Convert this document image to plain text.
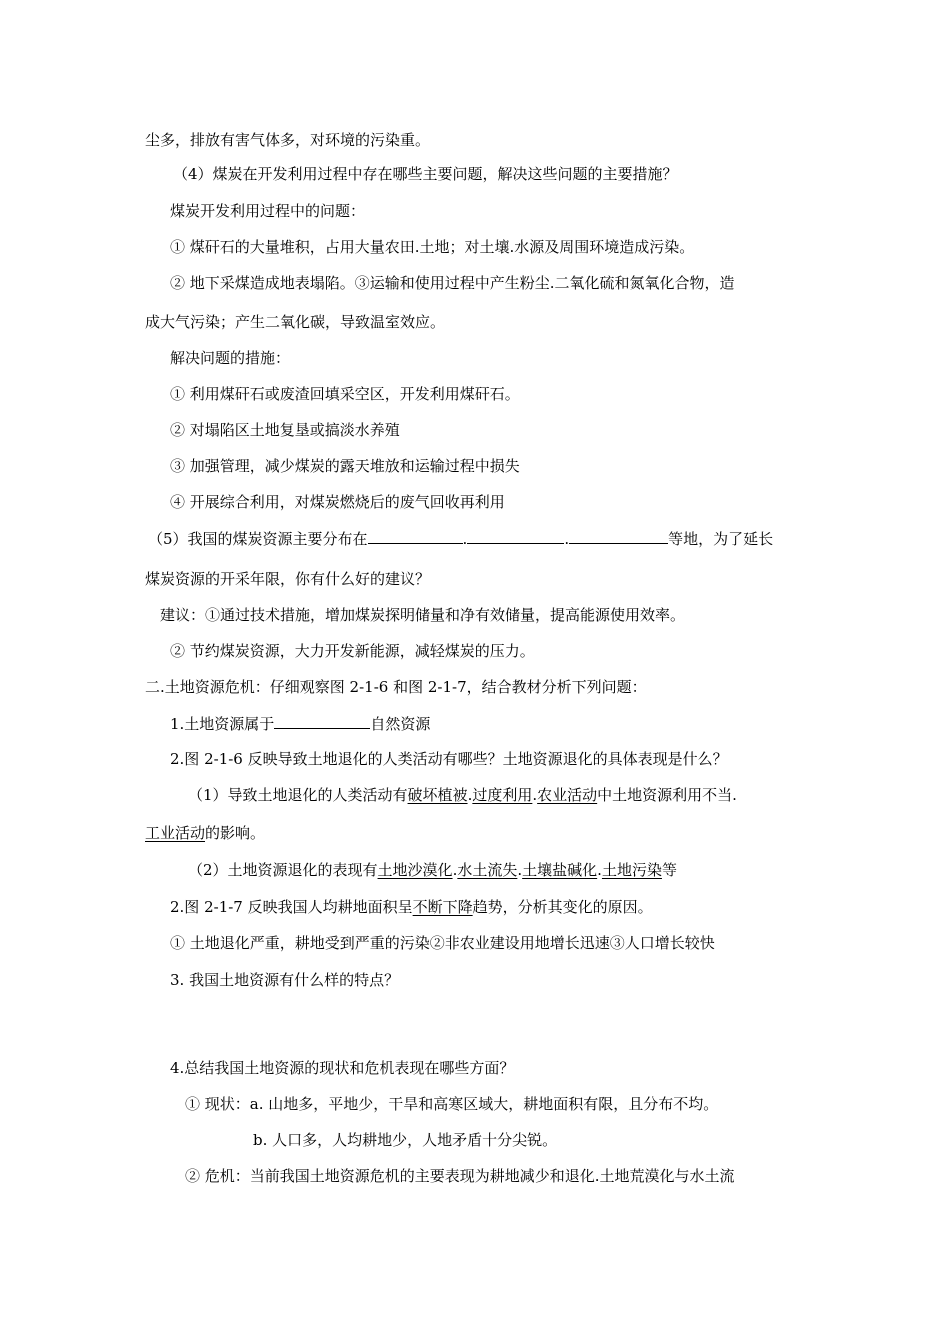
尘多，排放有害气体多，对环境的污染重。
（4）煤炭在开发利用过程中存在哪些主要问题，解决这些问题的主要措施？
煤炭开发利用过程中的问题：
① 煤矸石的大量堆积，占用大量农田.土地；对土壤.水源及周围环境造成污染。
② 地下采煤造成地表塌陷。③运输和使用过程中产生粉尘.二氧化硫和氮氧化合物，造
成大气污染；产生二氧化碳，导致温室效应。
解决问题的措施：
① 利用煤矸石或废渣回填采空区，开发利用煤矸石。
② 对塌陷区土地复垦或搞淡水养殖
③ 加强管理，减少煤炭的露天堆放和运输过程中损失
④ 开展综合利用，对煤炭燃烧后的废气回收再利用
（5）我国的煤炭资源主要分布在	.	.	等地，为了延长
煤炭资源的开采年限，你有什么好的建议？
建议：①通过技术措施，增加煤炭探明储量和净有效储量，提高能源使用效率。
② 节约煤炭资源，大力开发新能源，减轻煤炭的压力。
二.土地资源危机：仔细观察图 2-1-6 和图 2-1-7，结合教材分析下列问题：
1.土地资源属于	自然资源
2.图 2-1-6 反映导致土地退化的人类活动有哪些？土地资源退化的具体表现是什么？
（1）导致土地退化的人类活动有破坏植被.过度利用.农业活动中土地资源利用不当.
工业活动的影响。
（2）土地资源退化的表现有土地沙漠化.水土流失.土壤盐碱化.土地污染等
2.图 2-1-7 反映我国人均耕地面积呈不断下降趋势，分析其变化的原因。
① 土地退化严重，耕地受到严重的污染②非农业建设用地增长迅速③人口增长较快
3. 我国土地资源有什么样的特点？
4.总结我国土地资源的现状和危机表现在哪些方面？
① 现状：a. 山地多，平地少，干旱和高寒区域大，耕地面积有限，且分布不均。
b. 人口多，人均耕地少，人地矛盾十分尖锐。
② 危机：当前我国土地资源危机的主要表现为耕地减少和退化.土地荒漠化与水土流
